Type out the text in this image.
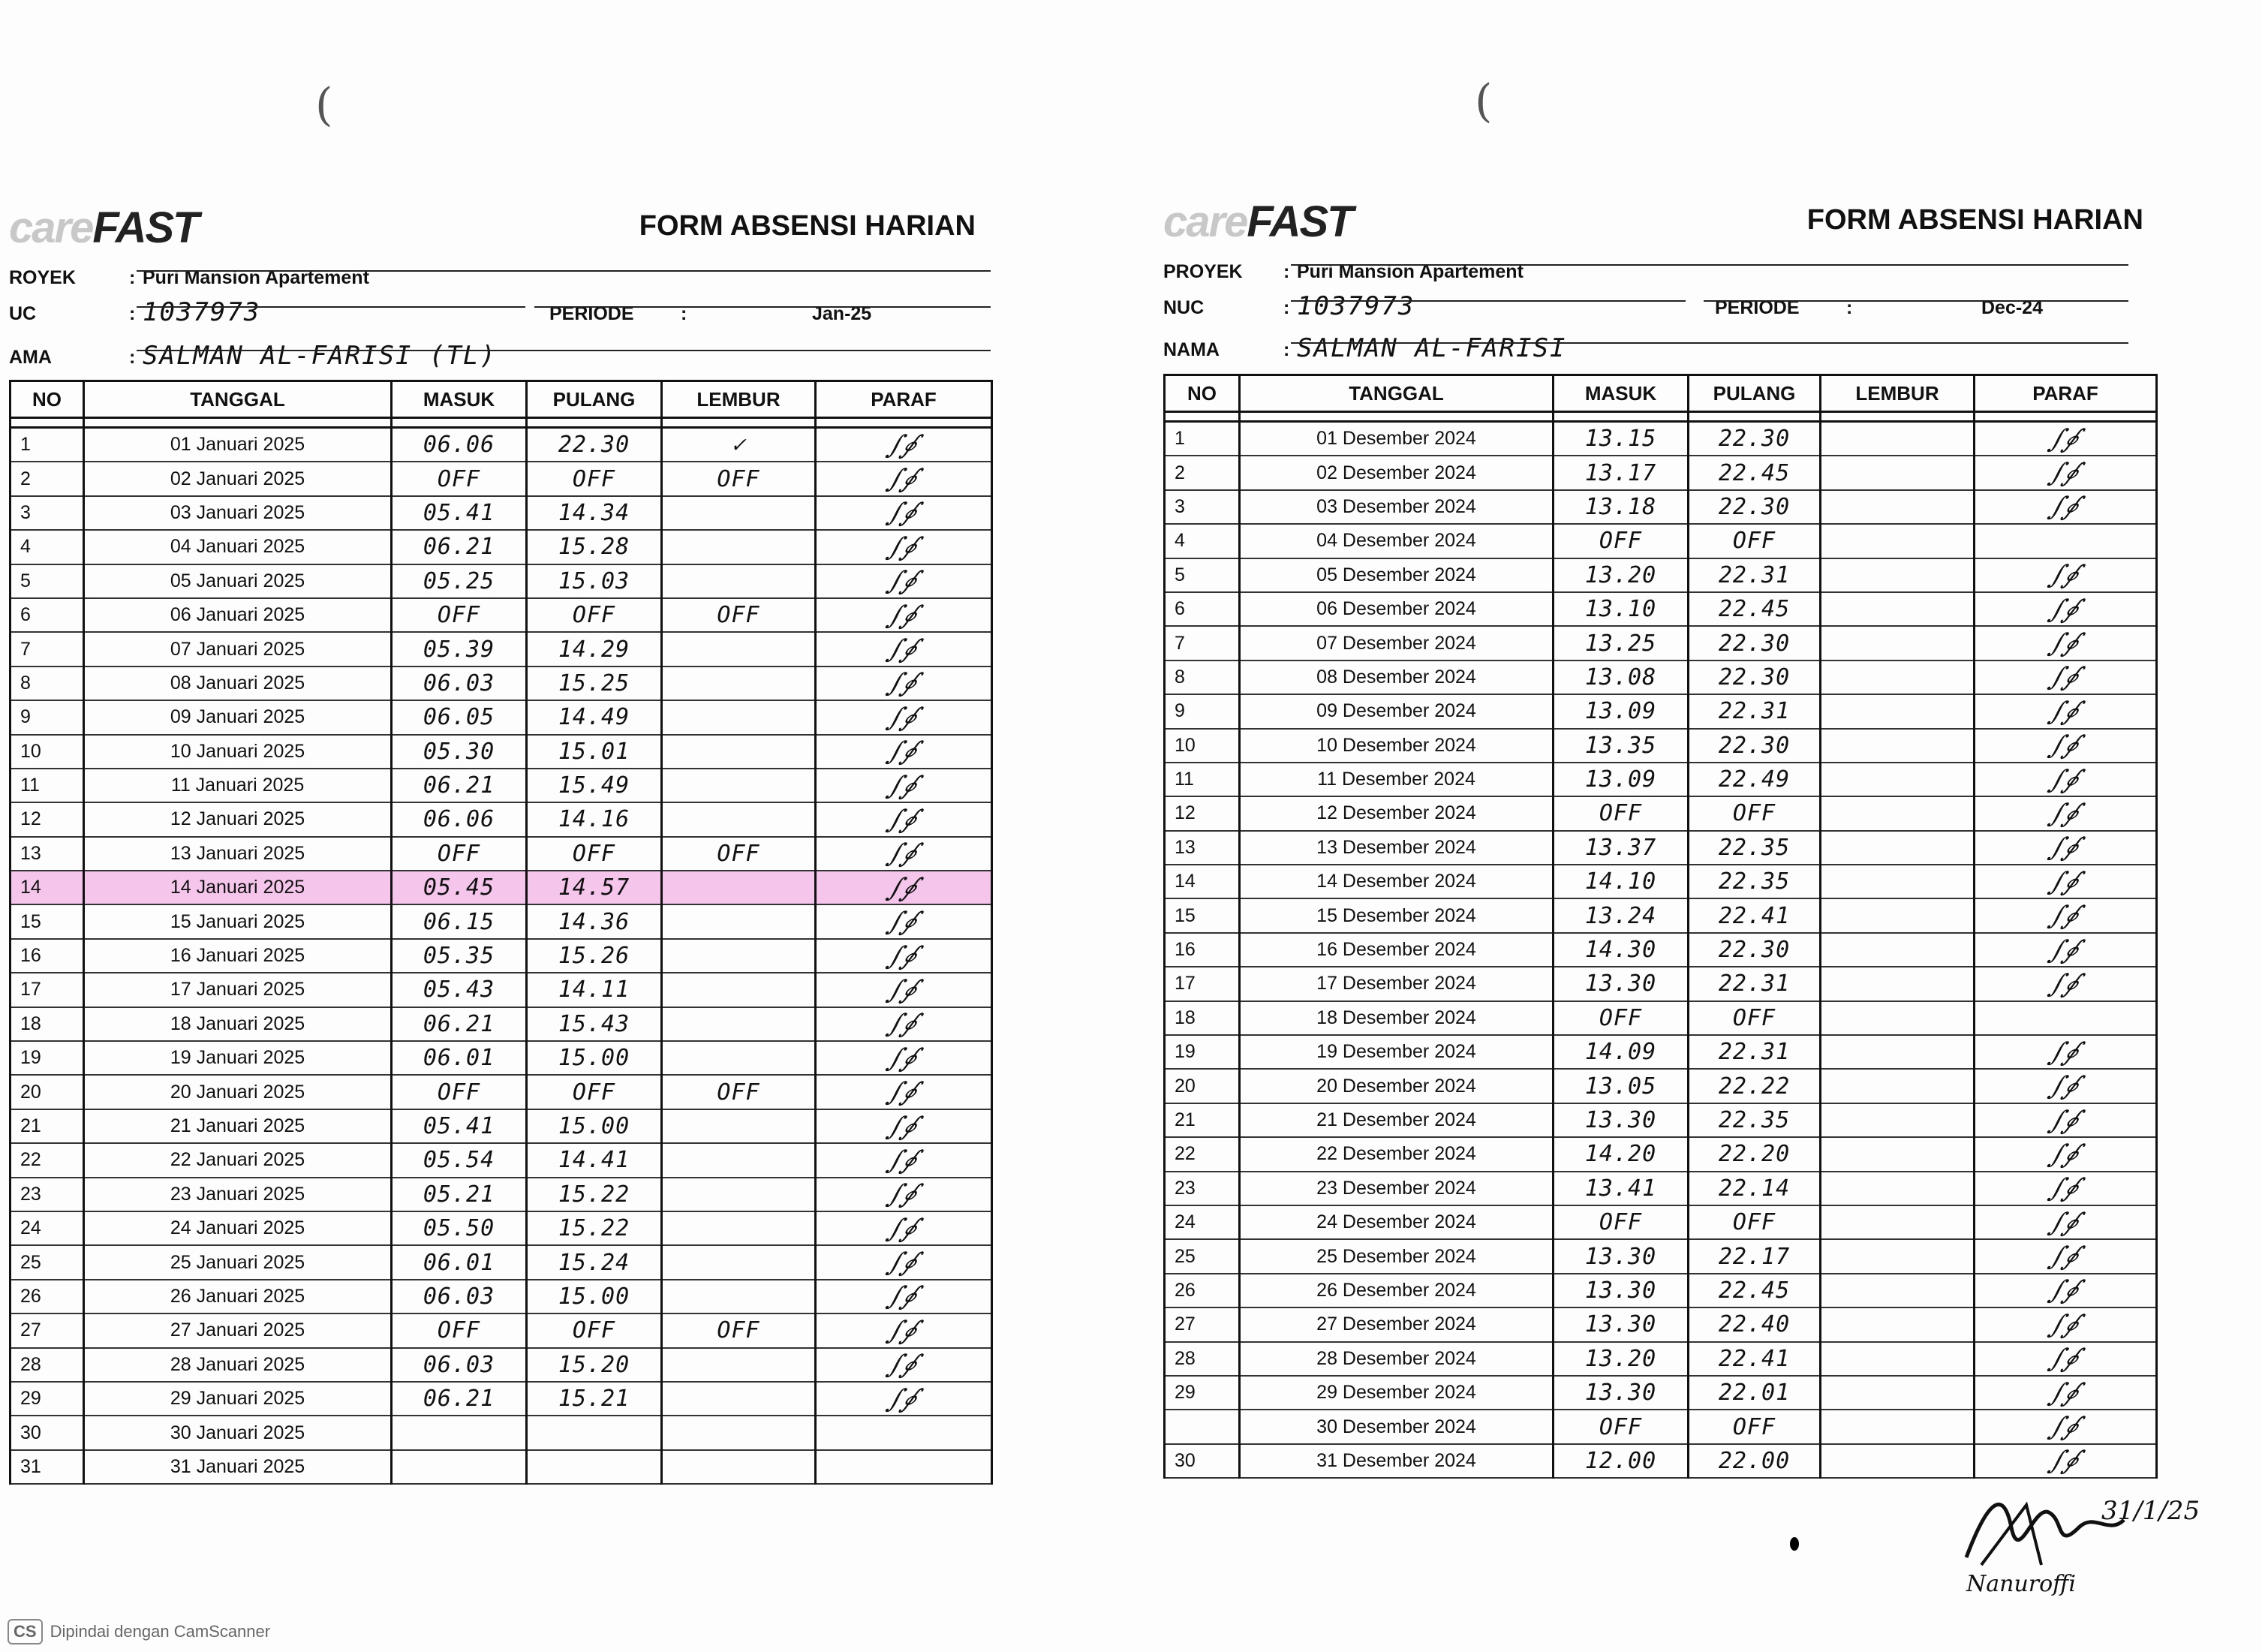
careFAST	FORM ABSENSI HARIAN
ROYEK	: Puri Mansion Apartement
UC	: 1037973	PERIODE :	Jan-25
AMA	: SALMAN AL-FARISI (TL)
NO	TANGGAL	MASUK	PULANG	LEMBUR	PARAF

1	01 Januari 2025	06.06	22.30	✓	∫∮
2	02 Januari 2025	OFF	OFF	OFF	∫∮
3	03 Januari 2025	05.41	14.34		∫∮
4	04 Januari 2025	06.21	15.28		∫∮
5	05 Januari 2025	05.25	15.03		∫∮
6	06 Januari 2025	OFF	OFF	OFF	∫∮
7	07 Januari 2025	05.39	14.29		∫∮
8	08 Januari 2025	06.03	15.25		∫∮
9	09 Januari 2025	06.05	14.49		∫∮
10	10 Januari 2025	05.30	15.01		∫∮
11	11 Januari 2025	06.21	15.49		∫∮
12	12 Januari 2025	06.06	14.16		∫∮
13	13 Januari 2025	OFF	OFF	OFF	∫∮
14	14 Januari 2025	05.45	14.57		∫∮
15	15 Januari 2025	06.15	14.36		∫∮
16	16 Januari 2025	05.35	15.26		∫∮
17	17 Januari 2025	05.43	14.11		∫∮
18	18 Januari 2025	06.21	15.43		∫∮
19	19 Januari 2025	06.01	15.00		∫∮
20	20 Januari 2025	OFF	OFF	OFF	∫∮
21	21 Januari 2025	05.41	15.00		∫∮
22	22 Januari 2025	05.54	14.41		∫∮
23	23 Januari 2025	05.21	15.22		∫∮
24	24 Januari 2025	05.50	15.22		∫∮
25	25 Januari 2025	06.01	15.24		∫∮
26	26 Januari 2025	06.03	15.00		∫∮
27	27 Januari 2025	OFF	OFF	OFF	∫∮
28	28 Januari 2025	06.03	15.20		∫∮
29	29 Januari 2025	06.21	15.21		∫∮
30	30 Januari 2025				
31	31 Januari 2025				
careFAST	FORM ABSENSI HARIAN
PROYEK : Puri Mansion Apartement
NUC	: 1037973	PERIODE :	Dec-24
NAMA	: SALMAN AL-FARISI
NO	TANGGAL	MASUK	PULANG	LEMBUR	PARAF

1	01 Desember 2024	13.15	22.30		∫∮
2	02 Desember 2024	13.17	22.45		∫∮
3	03 Desember 2024	13.18	22.30		∫∮
4	04 Desember 2024	OFF	OFF		
5	05 Desember 2024	13.20	22.31		∫∮
6	06 Desember 2024	13.10	22.45		∫∮
7	07 Desember 2024	13.25	22.30		∫∮
8	08 Desember 2024	13.08	22.30		∫∮
9	09 Desember 2024	13.09	22.31		∫∮
10	10 Desember 2024	13.35	22.30		∫∮
11	11 Desember 2024	13.09	22.49		∫∮
12	12 Desember 2024	OFF	OFF		∫∮
13	13 Desember 2024	13.37	22.35		∫∮
14	14 Desember 2024	14.10	22.35		∫∮
15	15 Desember 2024	13.24	22.41		∫∮
16	16 Desember 2024	14.30	22.30		∫∮
17	17 Desember 2024	13.30	22.31		∫∮
18	18 Desember 2024	OFF	OFF		
19	19 Desember 2024	14.09	22.31		∫∮
20	20 Desember 2024	13.05	22.22		∫∮
21	21 Desember 2024	13.30	22.35		∫∮
22	22 Desember 2024	14.20	22.20		∫∮
23	23 Desember 2024	13.41	22.14		∫∮
24	24 Desember 2024	OFF	OFF		∫∮
25	25 Desember 2024	13.30	22.17		∫∮
26	26 Desember 2024	13.30	22.45		∫∮
27	27 Desember 2024	13.30	22.40		∫∮
28	28 Desember 2024	13.20	22.41		∫∮
29	29 Desember 2024	13.30	22.01		∫∮
	30 Desember 2024	OFF	OFF		∫∮
30	31 Desember 2024	12.00	22.00		∫∮
(	(
31/1/25
Nanuroffi
CS Dipindai dengan CamScanner
